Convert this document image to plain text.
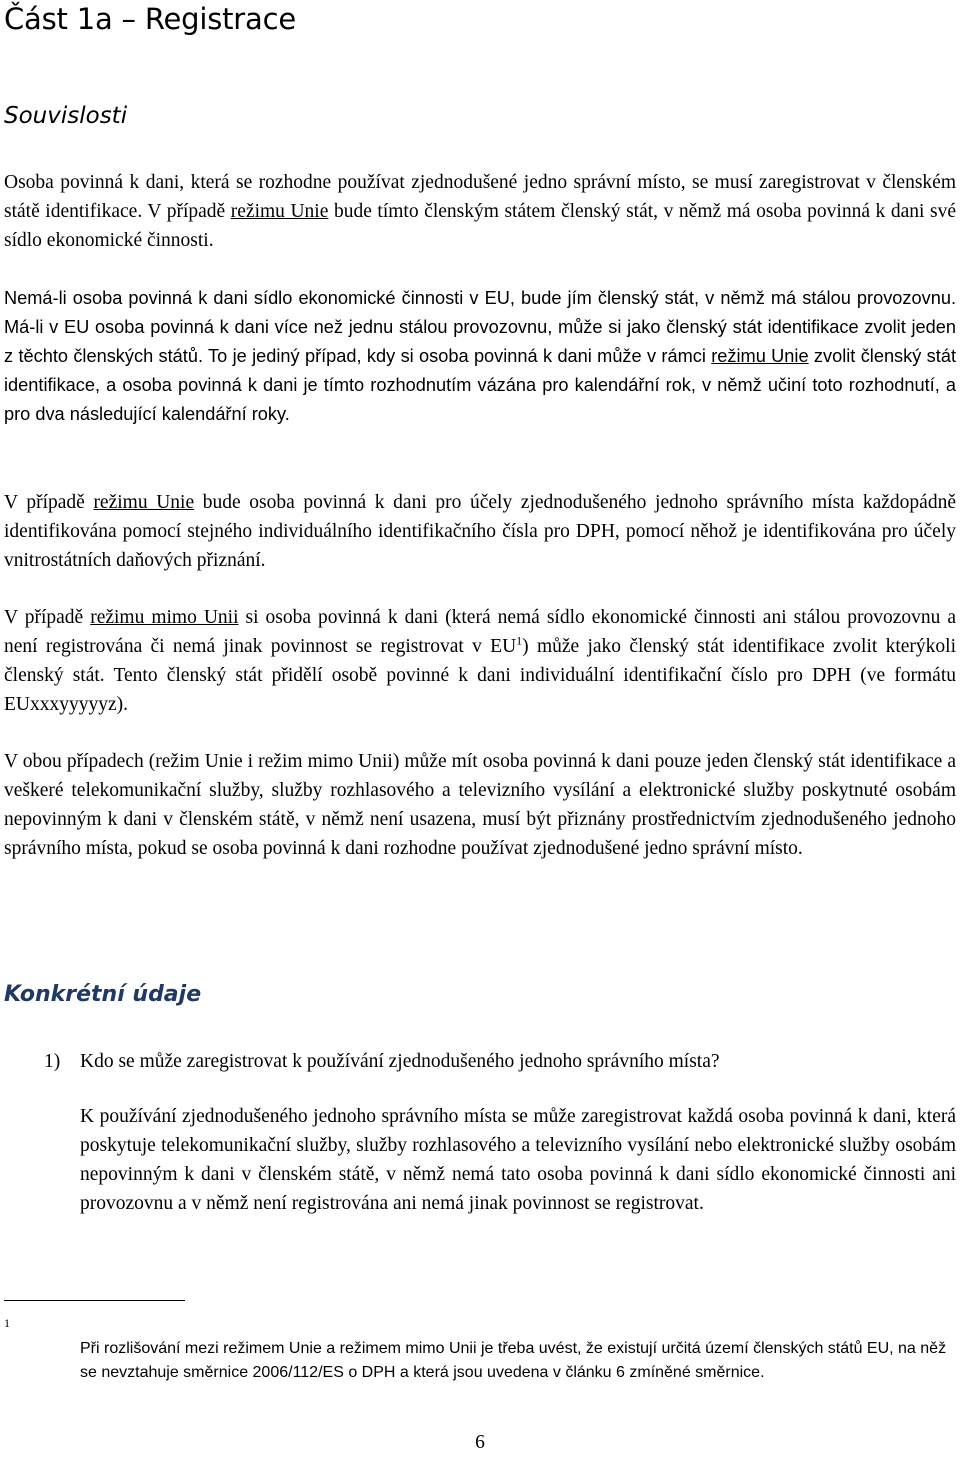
Část 1a – Registrace
Souvislosti

Osoba povinná k dani, která se rozhodne používat zjednodušené jedno správní místo, se musí zaregistrovat v členském státě identifikace. V případě režimu Unie bude tímto členským státem členský stát, v němž má osoba povinná k dani své sídlo ekonomické činnosti.

Nemá-li osoba povinná k dani sídlo ekonomické činnosti v EU, bude jím členský stát, v němž má stálou provozovnu. Má-li v EU osoba povinná k dani více než jednu stálou provozovnu, může si jako členský stát identifikace zvolit jeden z těchto členských států. To je jediný případ, kdy si osoba povinná k dani může v rámci režimu Unie zvolit členský stát identifikace, a osoba povinná k dani je tímto rozhodnutím vázána pro kalendářní rok, v němž učiní toto rozhodnutí, a pro dva následující kalendářní roky.

V případě režimu Unie bude osoba povinná k dani pro účely zjednodušeného jednoho správního místa každopádně identifikována pomocí stejného individuálního identifikačního čísla pro DPH, pomocí něhož je identifikována pro účely vnitrostátních daňových přiznání.

V případě režimu mimo Unii si osoba povinná k dani (která nemá sídlo ekonomické činnosti ani stálou provozovnu a není registrována či nemá jinak povinnost se registrovat v $EU^1$) může jako členský stát identifikace zvolit kterýkoli členský stát. Tento členský stát přidělí osobě povinné k dani individuální identifikační číslo pro DPH (ve formátu EUxxxyyyyyz).

V obou případech (režim Unie i režim mimo Unii) může mít osoba povinná k dani pouze jeden členský stát identifikace a veškeré telekomunikační služby, služby rozhlasového a televizního vysílání a elektronické služby poskytnuté osobám nepovinným k dani v členském státě, v němž není usazena, musí být přiznány prostřednictvím zjednodušeného jednoho správního místa, pokud se osoba povinná k dani rozhodne používat zjednodušené jedno správní místo.

Konkrétní údaje
1) Kdo se může zaregistrovat k používání zjednodušeného jednoho správního místa?

K používání zjednodušeného jednoho správního místa se může zaregistrovat každá osoba povinná k dani, která poskytuje telekomunikační služby, služby rozhlasového a televizního vysílání nebo elektronické služby osobám nepovinným k dani v členském státě, v němž nemá tato osoba povinná k dani sídlo ekonomické činnosti ani provozovnu a v němž není registrována ani nemá jinak povinnost se registrovat.

1

Při rozlišování mezi režimem Unie a režimem mimo Unii je třeba uvést, že existují určitá území členských států EU, na něž se nevztahuje směrnice 2006/112/ES o DPH a která jsou uvedena v článku 6 zmíněné směrnice.

6
